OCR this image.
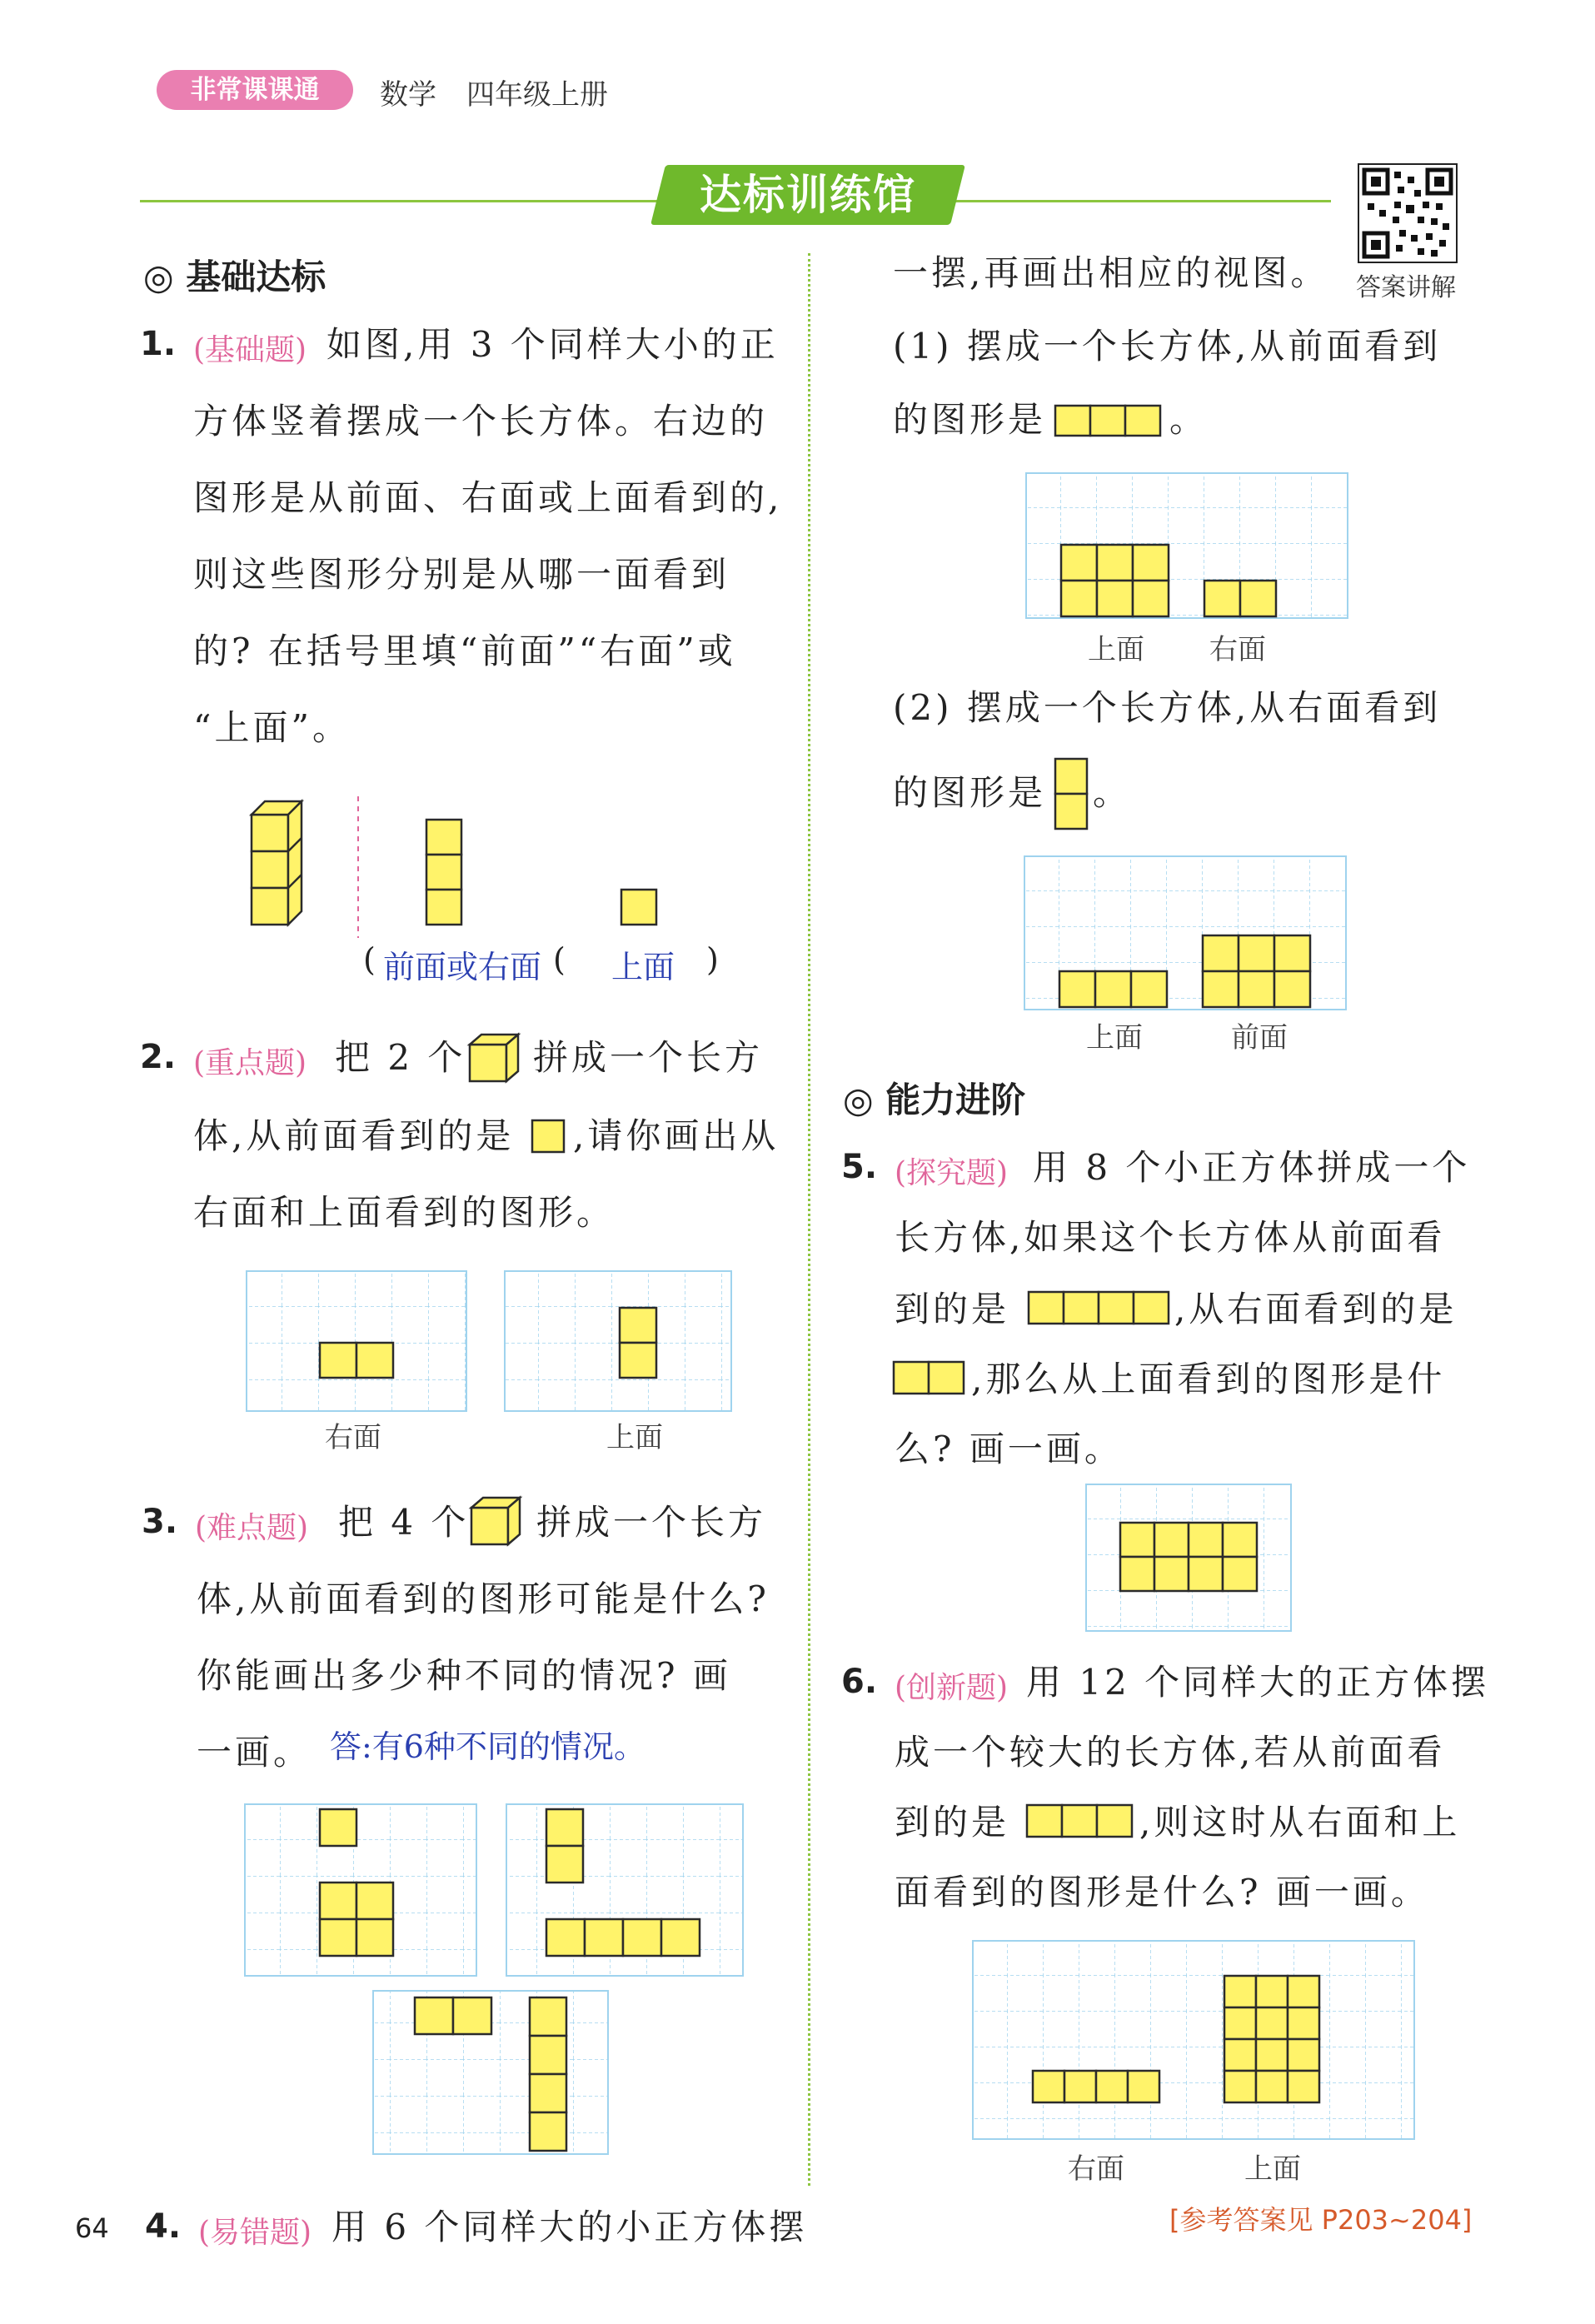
非常课课通	数学 四年级上册
达标训练馆
答案讲解
◎ 基础达标
1. (基础题) 如图,用 3 个同样大小的正
方体竖着摆成一个长方体。右边的
图形是从前面、右面或上面看到的,
则这些图形分别是从哪一面看到
的? 在括号里填“前面”“右面”或
“上面”。
( 前面或右面 ( 上面 )
2. (重点题) 把 2 个 拼成一个长方
体,从前面看到的是 ,请你画出从
右面和上面看到的图形。
右面	上面
3. (难点题) 把 4 个 拼成一个长方
体,从前面看到的图形可能是什么?
你能画出多少种不同的情况? 画
一画。 答:有6种不同的情况。
4. (易错题) 用 6 个同样大的小正方体摆
64
一摆,再画出相应的视图。
(1) 摆成一个长方体,从前面看到
的图形是	。
上面 右面
(2) 摆成一个长方体,从右面看到
的图形是 。
上面	前面
◎ 能力进阶
5. (探究题) 用 8 个小正方体拼成一个
长方体,如果这个长方体从前面看
到的是	,从右面看到的是
,那么从上面看到的图形是什
么? 画一画。
6. (创新题) 用 12 个同样大的正方体摆
成一个较大的长方体,若从前面看
到的是	,则这时从右面和上
面看到的图形是什么? 画一画。
右面	上面
[参考答案见 P203~204]
